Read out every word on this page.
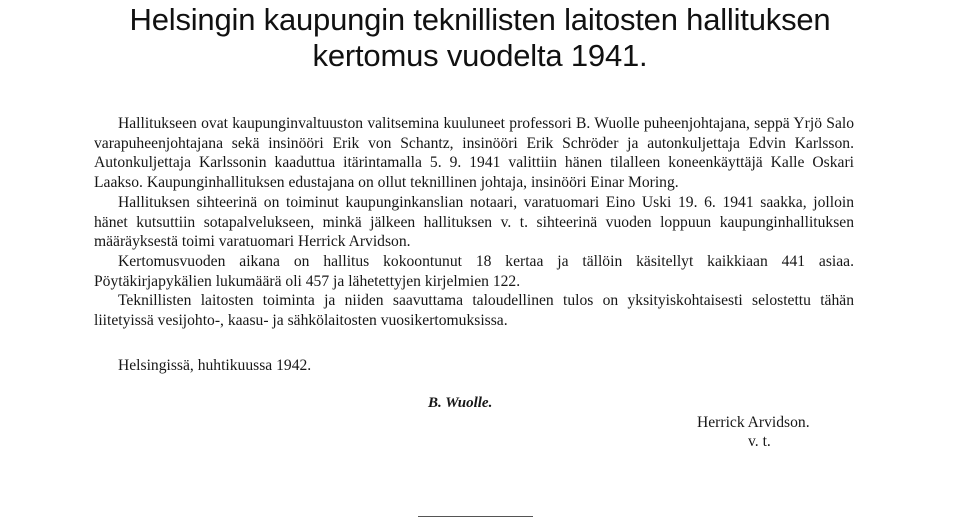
Helsingin kaupungin teknillisten laitosten hallituksen
kertomus vuodelta 1941.

Hallitukseen ovat kaupunginvaltuuston valitsemina kuuluneet professori B. Wuolle puheenjohtajana, seppä Yrjö Salo varapuheenjohtajana sekä insinööri Erik von Schantz, insinööri Erik Schröder ja autonkuljettaja Edvin Karlsson. Autonkuljettaja Karlssonin kaaduttua itärintamalla 5. 9. 1941 valittiin hänen tilalleen koneenkäyttäjä Kalle Oskari Laakso. Kaupunginhallituksen edustajana on ollut teknillinen johtaja, insinööri Einar Moring.

Hallituksen sihteerinä on toiminut kaupunginkanslian notaari, varatuomari Eino Uski 19. 6. 1941 saakka, jolloin hänet kutsuttiin sotapalvelukseen, minkä jälkeen hallituksen v. t. sihteerinä vuoden loppuun kaupunginhallituksen määräyksestä toimi varatuomari Herrick Arvidson.

Kertomusvuoden aikana on hallitus kokoontunut 18 kertaa ja tällöin käsitellyt kaikkiaan 441 asiaa. Pöytäkirjapykälien lukumäärä oli 457 ja lähetettyjen kirjelmien 122.

Teknillisten laitosten toiminta ja niiden saavuttama taloudellinen tulos on yksityiskohtaisesti selostettu tähän liitetyissä vesijohto-, kaasu- ja sähkölaitosten vuosikertomuksissa.

Helsingissä, huhtikuussa 1942.
B. Wuolle.
Herrick Arvidson.
v. t.
